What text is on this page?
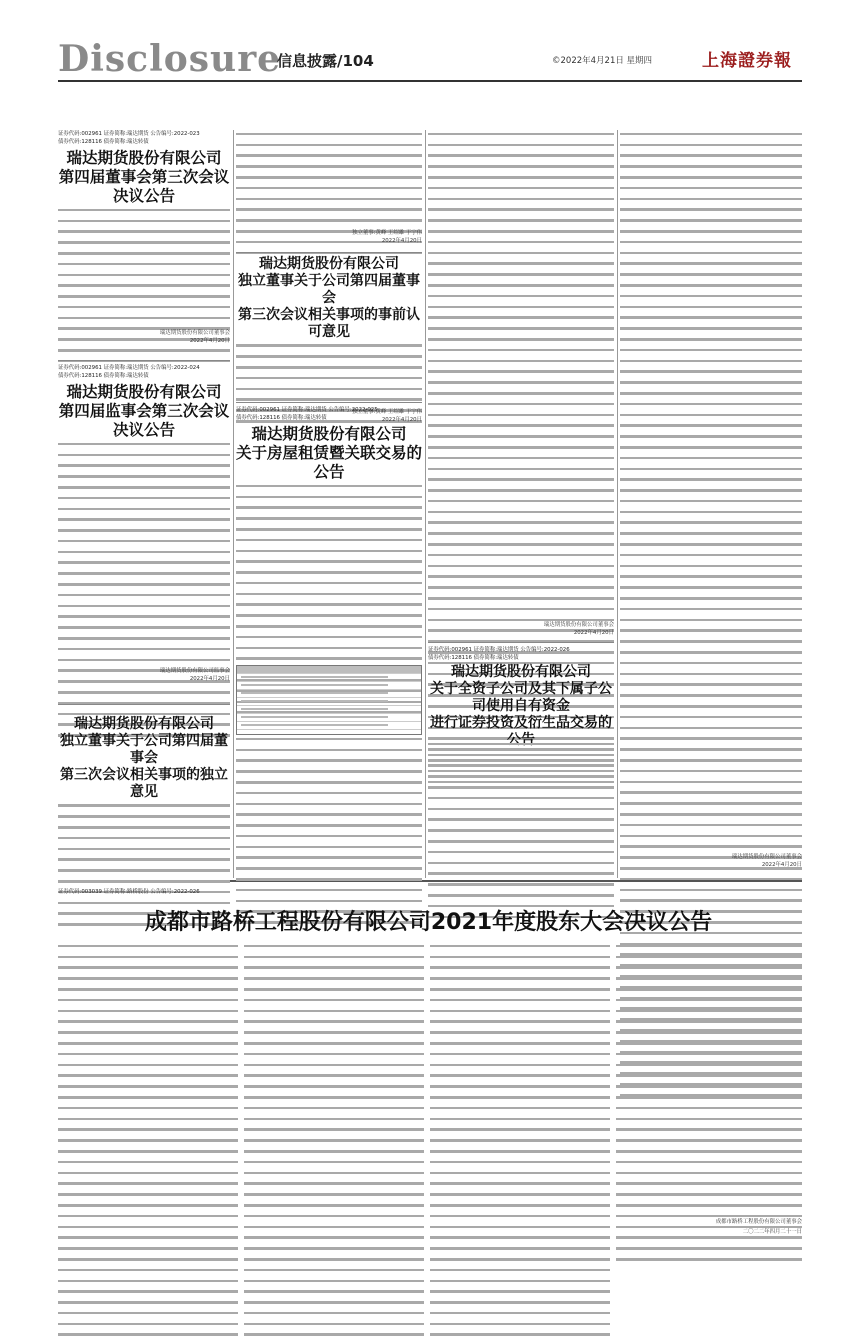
Disclosure
信息披露/104	©2022年4月21日 星期四	上海證券報
证券代码:002961 证券简称:瑞达期货 公告编号:2022-023
债券代码:128116 债券简称:瑞达转债
瑞达期货股份有限公司
第四届董事会第三次会议决议公告
瑞达期货股份有限公司董事会
2022年4月20日
证券代码:002961 证券简称:瑞达期货 公告编号:2022-024
债券代码:128116 债券简称:瑞达转债
瑞达期货股份有限公司
第四届监事会第三次会议决议公告
瑞达期货股份有限公司监事会
2022年4月20日
瑞达期货股份有限公司
独立董事关于公司第四届董事会
第三次会议相关事项的独立意见
独立董事:黄峰 王绍雄 于宁伟
2022年4月20日
瑞达期货股份有限公司
独立董事关于公司第四届董事会
第三次会议相关事项的事前认可意见
独立董事:黄峰 王绍雄 于宁伟
2022年4月20日
证券代码:002961 证券简称:瑞达期货 公告编号:2022-025
债券代码:128116 债券简称:瑞达转债
瑞达期货股份有限公司
关于房屋租赁暨关联交易的公告
瑞达期货股份有限公司董事会
2022年4月20日
证券代码:002961 证券简称:瑞达期货 公告编号:2022-026
债券代码:128116 债券简称:瑞达转债
瑞达期货股份有限公司
关于全资子公司及其下属子公司使用自有资金
进行证券投资及衍生品交易的公告
瑞达期货股份有限公司董事会
2022年4月20日
证券代码:003039 证券简称:路桥股份 公告编号:2022-026
成都市路桥工程股份有限公司2021年度股东大会决议公告
成都市路桥工程股份有限公司董事会
二〇二二年四月二十一日
